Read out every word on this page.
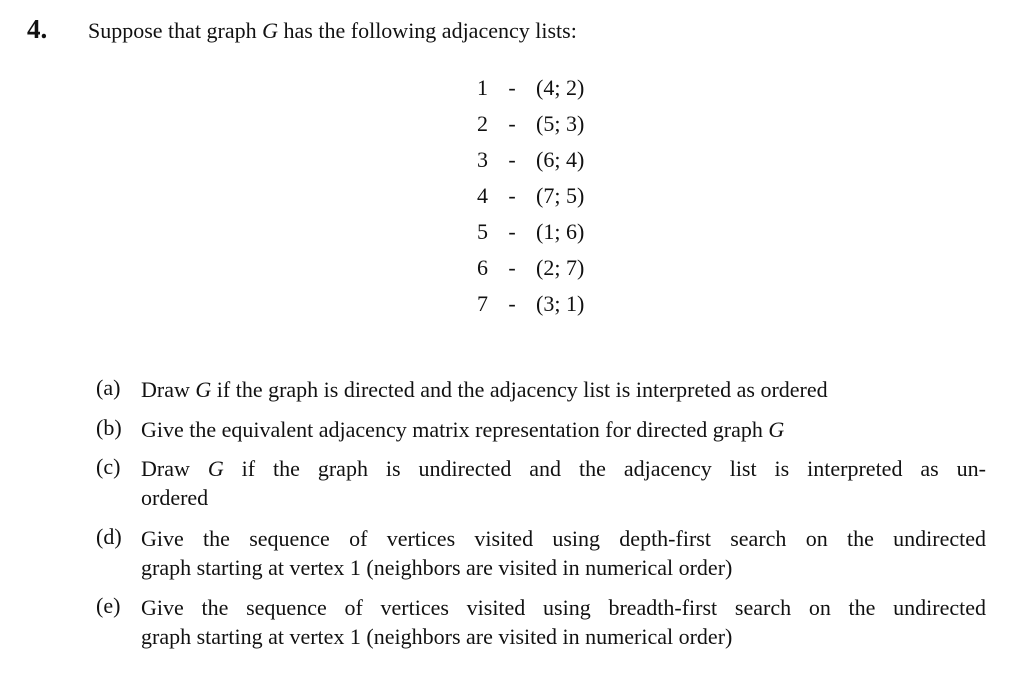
4. Suppose that graph G has the following adjacency lists:
1 - (4; 2)
2 - (5; 3)
3 - (6; 4)
4 - (7; 5)
5 - (1; 6)
6 - (2; 7)
7 - (3; 1)
(a) Draw G if the graph is directed and the adjacency list is interpreted as ordered
(b) Give the equivalent adjacency matrix representation for directed graph G
(c) Draw G if the graph is undirected and the adjacency list is interpreted as un-
ordered
(d) Give the sequence of vertices visited using depth-first search on the undirected
graph starting at vertex 1 (neighbors are visited in numerical order)
(e) Give the sequence of vertices visited using breadth-first search on the undirected
graph starting at vertex 1 (neighbors are visited in numerical order)
